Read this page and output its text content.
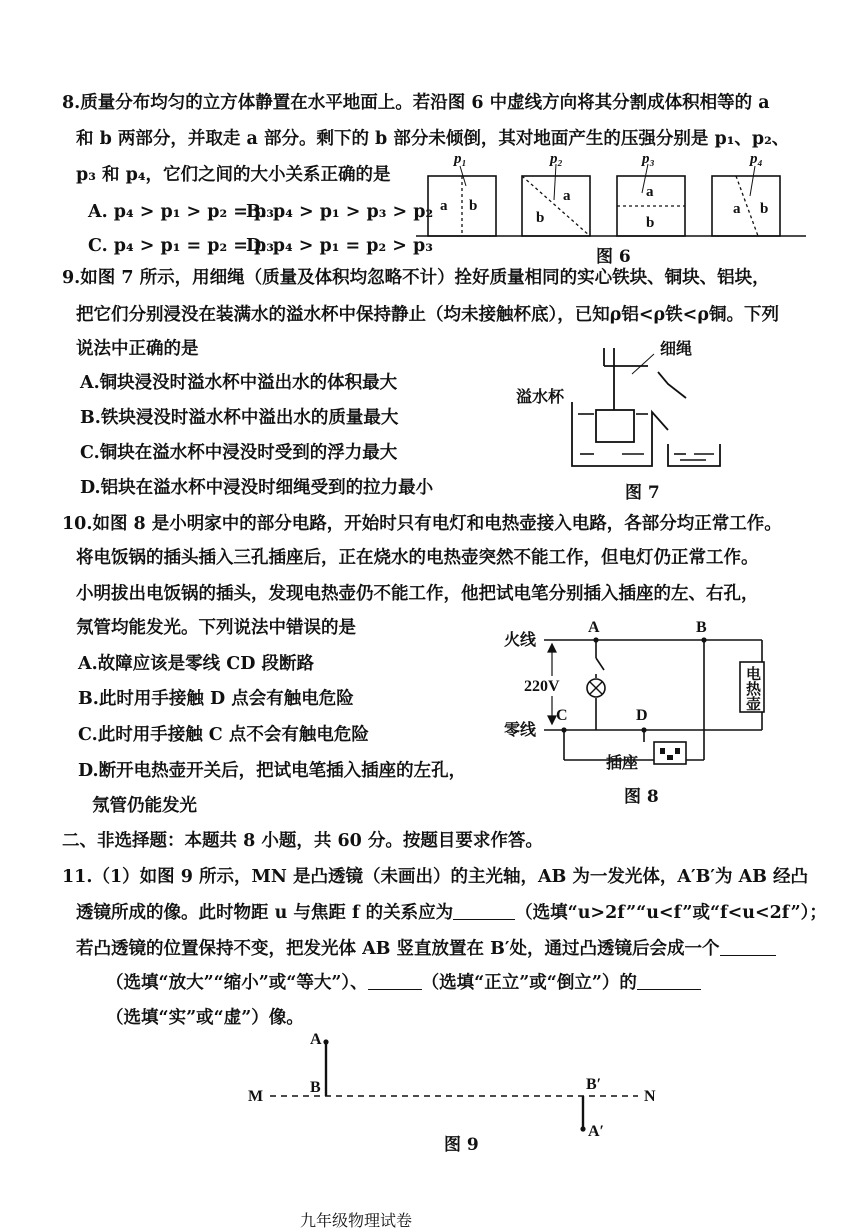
8.质量分布均匀的立方体静置在水平地面上。若沿图 6 中虚线方向将其分割成体积相等的 a
和 b 两部分，并取走 a 部分。剩下的 b 部分未倾倒，其对地面产生的压强分别是 p₁、p₂、
p₃ 和 p₄，它们之间的大小关系正确的是
A. p₄ > p₁ > p₂ = p₃
B. p₄ > p₁ > p₃ > p₂
C. p₄ > p₁ = p₂ = p₃
D. p₄ > p₁ = p₂ > p₃
p₁	p₂	p₃	p₄
a b
a
b
a
b
a b
图 6
9.如图 7 所示，用细绳（质量及体积均忽略不计）拴好质量相同的实心铁块、铜块、铝块，
把它们分别浸没在装满水的溢水杯中保持静止（均未接触杯底），已知ρ铝<ρ铁<ρ铜。下列
说法中正确的是
A.铜块浸没时溢水杯中溢出水的体积最大
B.铁块浸没时溢水杯中溢出水的质量最大
C.铜块在溢水杯中浸没时受到的浮力最大
D.铝块在溢水杯中浸没时细绳受到的拉力最小
细绳
溢水杯
图 7
10.如图 8 是小明家中的部分电路，开始时只有电灯和电热壶接入电路，各部分均正常工作。
将电饭锅的插头插入三孔插座后，正在烧水的电热壶突然不能工作，但电灯仍正常工作。
小明拔出电饭锅的插头，发现电热壶仍不能工作，他把试电笔分别插入插座的左、右孔，
氖管均能发光。下列说法中错误的是
A.故障应该是零线 CD 段断路
B.此时用手接触 D 点会有触电危险
C.此时用手接触 C 点不会有触电危险
D.断开电热壶开关后，把试电笔插入插座的左孔，
氖管仍能发光
火线
零线
220V
A	B
C	D
插座
电热壶
图 8
二、非选择题：本题共 8 小题，共 60 分。按题目要求作答。
11.（1）如图 9 所示，MN 是凸透镜（未画出）的主光轴，AB 为一发光体，A′B′为 AB 经凸
透镜所成的像。此时物距 u 与焦距 f 的关系应为	（选填“u>2f”“u<f”或“f<u<2f”）；
若凸透镜的位置保持不变，把发光体 AB 竖直放置在 B′处，通过凸透镜后会成一个
（选填“放大”“缩小”或“等大”）、	（选填“正立”或“倒立”）的
（选填“实”或“虚”）像。
M	N
A
B	B′
A′
图 9
九年级物理试卷
